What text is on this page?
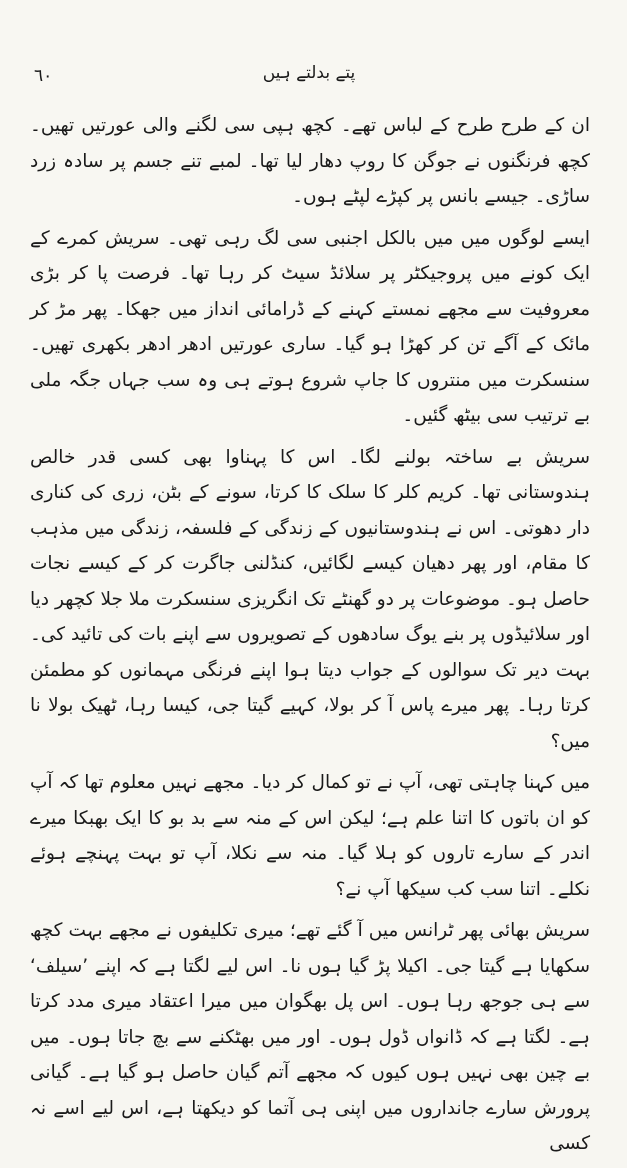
٦٠	پتے بدلتے ہیں

ان کے طرح طرح کے لباس تھے۔ کچھ ہپی سی لگنے والی عورتیں تھیں۔ کچھ فرنگنوں نے جوگن کا روپ دھار لیا تھا۔ لمبے تنے جسم پر سادہ زرد ساڑی۔ جیسے بانس پر کپڑے لپٹے ہوں۔

ایسے لوگوں میں میں بالکل اجنبی سی لگ رہی تھی۔ سریش کمرے کے ایک کونے میں پروجیکٹر پر سلائڈ سیٹ کر رہا تھا۔ فرصت پا کر بڑی معروفیت سے مجھے نمستے کہنے کے ڈرامائی انداز میں جھکا۔ پھر مڑ کر مائک کے آگے تن کر کھڑا ہو گیا۔ ساری عورتیں ادھر ادھر بکھری تھیں۔ سنسکرت میں منتروں کا جاپ شروع ہوتے ہی وہ سب جہاں جگہ ملی بے ترتیب سی بیٹھ گئیں۔

سریش بے ساختہ بولنے لگا۔ اس کا پہناوا بھی کسی قدر خالص ہندوستانی تھا۔ کریم کلر کا سلک کا کرتا، سونے کے بٹن، زری کی کناری دار دھوتی۔ اس نے ہندوستانیوں کے زندگی کے فلسفہ، زندگی میں مذہب کا مقام، اور پھر دھیان کیسے لگائیں، کنڈلنی جاگرت کر کے کیسے نجات حاصل ہو۔ موضوعات پر دو گھنٹے تک انگریزی سنسکرت ملا جلا کچھر دیا اور سلائیڈوں پر بنے یوگ سادھوں کے تصویروں سے اپنے بات کی تائید کی۔ بہت دیر تک سوالوں کے جواب دیتا ہوا اپنے فرنگی مہمانوں کو مطمئن کرتا رہا۔ پھر میرے پاس آ کر بولا، کہیے گیتا جی، کیسا رہا، ٹھیک بولا نا میں؟

میں کہنا چاہتی تھی، آپ نے تو کمال کر دیا۔ مجھے نہیں معلوم تھا کہ آپ کو ان باتوں کا اتنا علم ہے؛ لیکن اس کے منہ سے بد بو کا ایک بھبکا میرے اندر کے سارے تاروں کو ہلا گیا۔ منہ سے نکلا، آپ تو بہت پہنچے ہوئے نکلے۔ اتنا سب کب سیکھا آپ نے؟

سریش بھائی پھر ٹرانس میں آ گئے تھے؛ میری تکلیفوں نے مجھے بہت کچھ سکھایا ہے گیتا جی۔ اکیلا پڑ گیا ہوں نا۔ اس لیے لگتا ہے کہ اپنے ’سیلف‘ سے ہی جوجھ رہا ہوں۔ اس پل بھگوان میں میرا اعتقاد میری مدد کرتا ہے۔ لگتا ہے کہ ڈانواں ڈول ہوں۔ اور میں بھٹکنے سے بچ جاتا ہوں۔ میں بے چین بھی نہیں ہوں کیوں کہ مجھے آتم گیان حاصل ہو گیا ہے۔ گیانی پرورش سارے جانداروں میں اپنی ہی آتما کو دیکھتا ہے، اس لیے اسے نہ کسی
